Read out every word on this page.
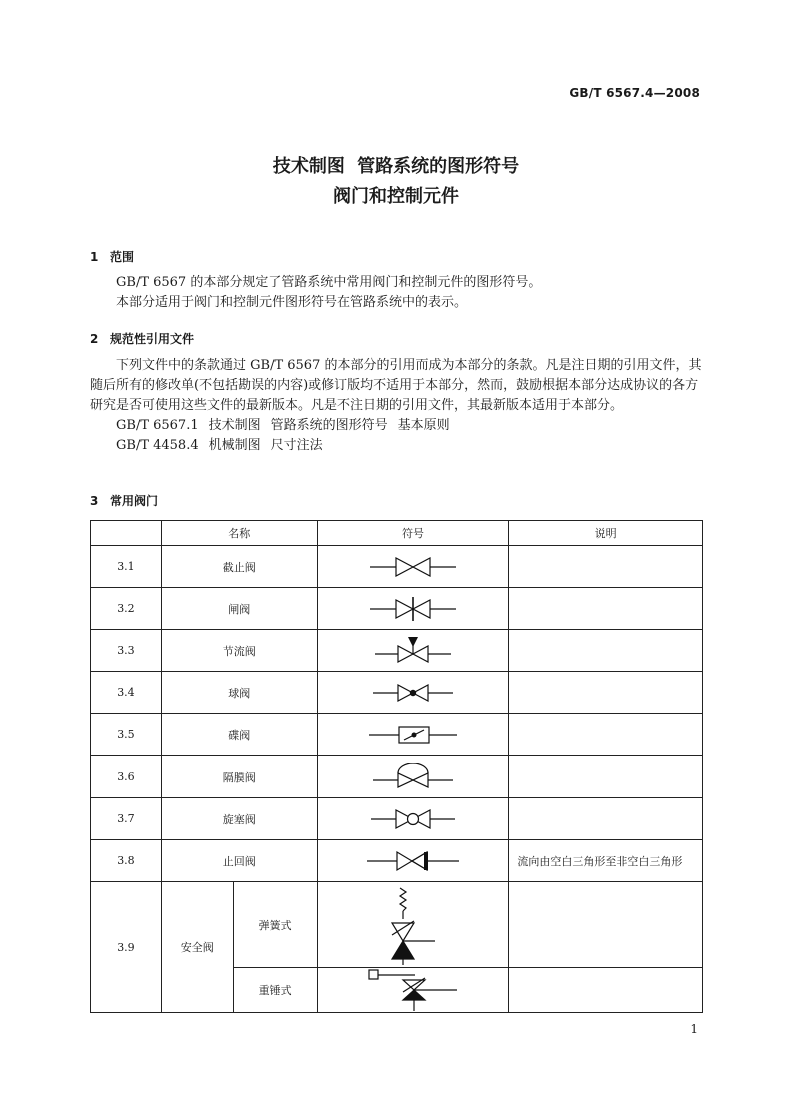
GB/T 6567.4—2008
技术制图 管路系统的图形符号
阀门和控制元件
1 范围

GB/T 6567 的本部分规定了管路系统中常用阀门和控制元件的图形符号。

本部分适用于阀门和控制元件图形符号在管路系统中的表示。

2 规范性引用文件

下列文件中的条款通过 GB/T 6567 的本部分的引用而成为本部分的条款。凡是注日期的引用文件，其随后所有的修改单(不包括勘误的内容)或修订版均不适用于本部分，然而，鼓励根据本部分达成协议的各方研究是否可使用这些文件的最新版本。凡是不注日期的引用文件，其最新版本适用于本部分。

GB/T 6567.1 技术制图 管路系统的图形符号 基本原则

GB/T 4458.4 机械制图 尺寸注法

3 常用阀门
	名称		符号	说明
3.1	截止阀	

3.2	闸阀	

3.3	节流阀	

3.4	球阀	

3.5	碟阀	

3.6	隔膜阀	

3.7	旋塞阀	

3.8	止回阀			流向由空白三角形至非空白三角形
3.9	安全阀	弹簧式	

		重锤式	

1
